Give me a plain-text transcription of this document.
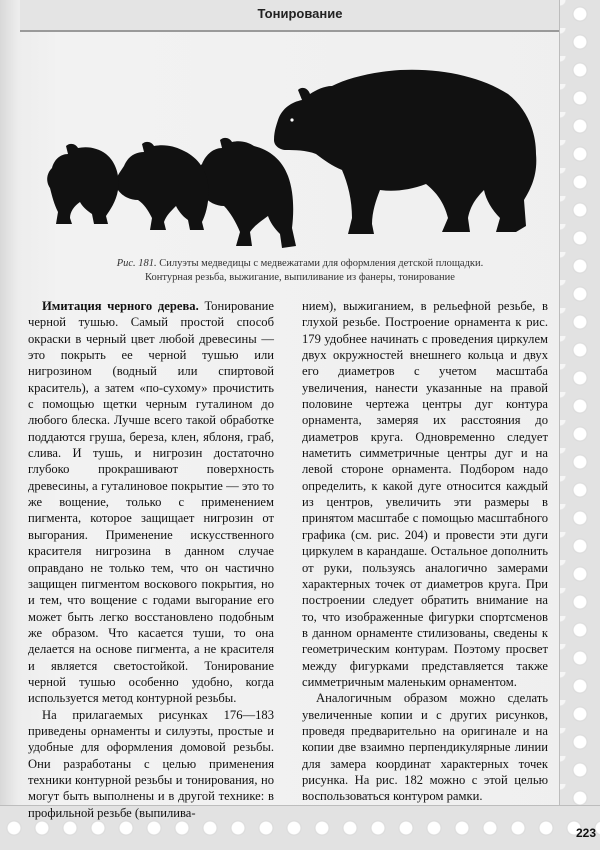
Тонирование
Рис. 181. Силуэты медведицы с медвежатами для оформления детской площадки.
Контурная резьба, выжигание, выпиливание из фанеры, тонирование

Имитация черного дерева. Тонирование черной тушью. Самый простой способ окраски в черный цвет любой древесины — это покрыть ее черной тушью или нигрозином (водный или спиртовой краситель), а затем «по-сухому» прочистить с помощью щетки черным гуталином до любого блеска. Лучше всего такой обработке поддаются груша, береза, клен, яблоня, граб, слива. И тушь, и нигрозин достаточно глубоко прокрашивают поверхность древесины, а гуталиновое покрытие — это то же вощение, только с применением пигмента, которое защищает нигрозин от выгорания. Применение искусственного красителя нигрозина в данном случае оправдано не только тем, что он частично защищен пигментом воскового покрытия, но и тем, что вощение с годами выгорание его может быть легко восстановлено подобным же образом. Что касается туши, то она делается на основе пигмента, а не красителя и является светостойкой. Тонирование черной тушью особенно удобно, когда используется метод контурной резьбы.

На прилагаемых рисунках 176—183 приведены орнаменты и силуэты, простые и удобные для оформления домовой резьбы. Они разработаны с целью применения техники контурной резьбы и тонирования, но могут быть выполнены и в другой технике: в профильной резьбе (выпилива-

нием), выжиганием, в рельефной резьбе, в глухой резьбе. Построение орнамента к рис. 179 удобнее начинать с проведения циркулем двух окружностей внешнего кольца и двух его диаметров с учетом масштаба увеличения, нанести указанные на правой половине чертежа центры дуг контура орнамента, замеряя их расстояния до диаметров круга. Одновременно следует наметить симметричные центры дуг и на левой стороне орнамента. Подбором надо определить, к какой дуге относится каждый из центров, увеличить эти размеры в принятом масштабе с помощью масштабного графика (см. рис. 204) и провести эти дуги циркулем в карандаше. Остальное дополнить от руки, пользуясь аналогично замерами характерных точек от диаметров круга. При построении следует обратить внимание на то, что изображенные фигурки спортсменов в данном орнаменте стилизованы, сведены к геометрическим контурам. Поэтому просвет между фигурками представляется также симметричным маленьким орнаментом.

Аналогичным образом можно сделать увеличенные копии и с других рисунков, проведя предварительно на оригинале и на копии две взаимно перпендикулярные линии для замера координат характерных точек рисунка. На рис. 182 можно с этой целью воспользоваться контуром рамки.

223
